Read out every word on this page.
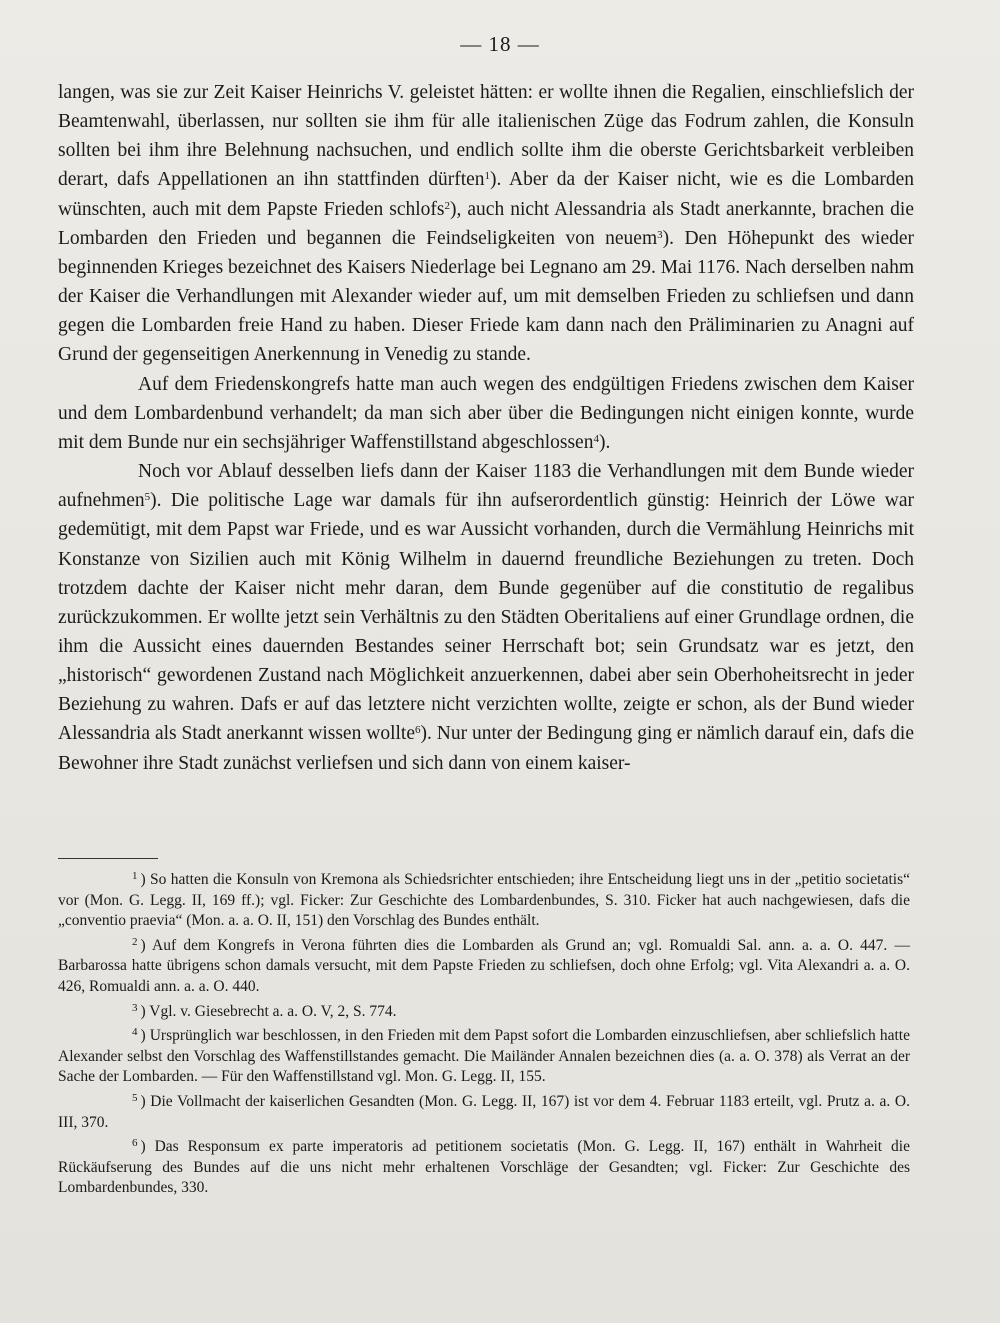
— 18 —

langen, was sie zur Zeit Kaiser Heinrichs V. geleistet hätten: er wollte ihnen die Regalien, einschliefslich der Beamtenwahl, überlassen, nur sollten sie ihm für alle italienischen Züge das Fodrum zahlen, die Konsuln sollten bei ihm ihre Belehnung nachsuchen, und endlich sollte ihm die oberste Gerichtsbarkeit verbleiben derart, dafs Appellationen an ihn stattfinden dürften$^1$). Aber da der Kaiser nicht, wie es die Lombarden wünschten, auch mit dem Papste Frieden schlofs$^2$), auch nicht Alessandria als Stadt anerkannte, brachen die Lombarden den Frieden und begannen die Feindseligkeiten von neuem$^3$). Den Höhepunkt des wieder beginnenden Krieges bezeichnet des Kaisers Niederlage bei Legnano am 29. Mai 1176. Nach derselben nahm der Kaiser die Verhandlungen mit Alexander wieder auf, um mit demselben Frieden zu schliefsen und dann gegen die Lombarden freie Hand zu haben. Dieser Friede kam dann nach den Präliminarien zu Anagni auf Grund der gegenseitigen Anerkennung in Venedig zu stande.

Auf dem Friedenskongrefs hatte man auch wegen des endgültigen Friedens zwischen dem Kaiser und dem Lombardenbund verhandelt; da man sich aber über die Bedingungen nicht einigen konnte, wurde mit dem Bunde nur ein sechsjähriger Waffenstillstand abgeschlossen$^4$).

Noch vor Ablauf desselben liefs dann der Kaiser 1183 die Verhandlungen mit dem Bunde wieder aufnehmen$^5$). Die politische Lage war damals für ihn aufserordentlich günstig: Heinrich der Löwe war gedemütigt, mit dem Papst war Friede, und es war Aussicht vorhanden, durch die Vermählung Heinrichs mit Konstanze von Sizilien auch mit König Wilhelm in dauernd freundliche Beziehungen zu treten. Doch trotzdem dachte der Kaiser nicht mehr daran, dem Bunde gegenüber auf die constitutio de regalibus zurückzukommen. Er wollte jetzt sein Verhältnis zu den Städten Oberitaliens auf einer Grundlage ordnen, die ihm die Aussicht eines dauernden Bestandes seiner Herrschaft bot; sein Grundsatz war es jetzt, den „historisch“ gewordenen Zustand nach Möglichkeit anzuerkennen, dabei aber sein Oberhoheitsrecht in jeder Beziehung zu wahren. Dafs er auf das letztere nicht verzichten wollte, zeigte er schon, als der Bund wieder Alessandria als Stadt anerkannt wissen wollte$^6$). Nur unter der Bedingung ging er nämlich darauf ein, dafs die Bewohner ihre Stadt zunächst verliefsen und sich dann von einem kaiser-

$^1$ ) So hatten die Konsuln von Kremona als Schiedsrichter entschieden; ihre Entscheidung liegt uns in der „petitio societatis“ vor (Mon. G. Legg. II, 169 ff.); vgl. Ficker: Zur Geschichte des Lombardenbundes, S. 310. Ficker hat auch nachgewiesen, dafs die „conventio praevia“ (Mon. a. a. O. II, 151) den Vorschlag des Bundes enthält.

$^2$ ) Auf dem Kongrefs in Verona führten dies die Lombarden als Grund an; vgl. Romualdi Sal. ann. a. a. O. 447. — Barbarossa hatte übrigens schon damals versucht, mit dem Papste Frieden zu schliefsen, doch ohne Erfolg; vgl. Vita Alexandri a. a. O. 426, Romualdi ann. a. a. O. 440.

$^3$ ) Vgl. v. Giesebrecht a. a. O. V, 2, S. 774.

$^4$ ) Ursprünglich war beschlossen, in den Frieden mit dem Papst sofort die Lombarden einzuschliefsen, aber schliefslich hatte Alexander selbst den Vorschlag des Waffenstillstandes gemacht. Die Mailänder Annalen bezeichnen dies (a. a. O. 378) als Verrat an der Sache der Lombarden. — Für den Waffenstillstand vgl. Mon. G. Legg. II, 155.

$^5$ ) Die Vollmacht der kaiserlichen Gesandten (Mon. G. Legg. II, 167) ist vor dem 4. Februar 1183 erteilt, vgl. Prutz a. a. O. III, 370.

$^6$ ) Das Responsum ex parte imperatoris ad petitionem societatis (Mon. G. Legg. II, 167) enthält in Wahrheit die Rückäufserung des Bundes auf die uns nicht mehr erhaltenen Vorschläge der Gesandten; vgl. Ficker: Zur Geschichte des Lombardenbundes, 330.
